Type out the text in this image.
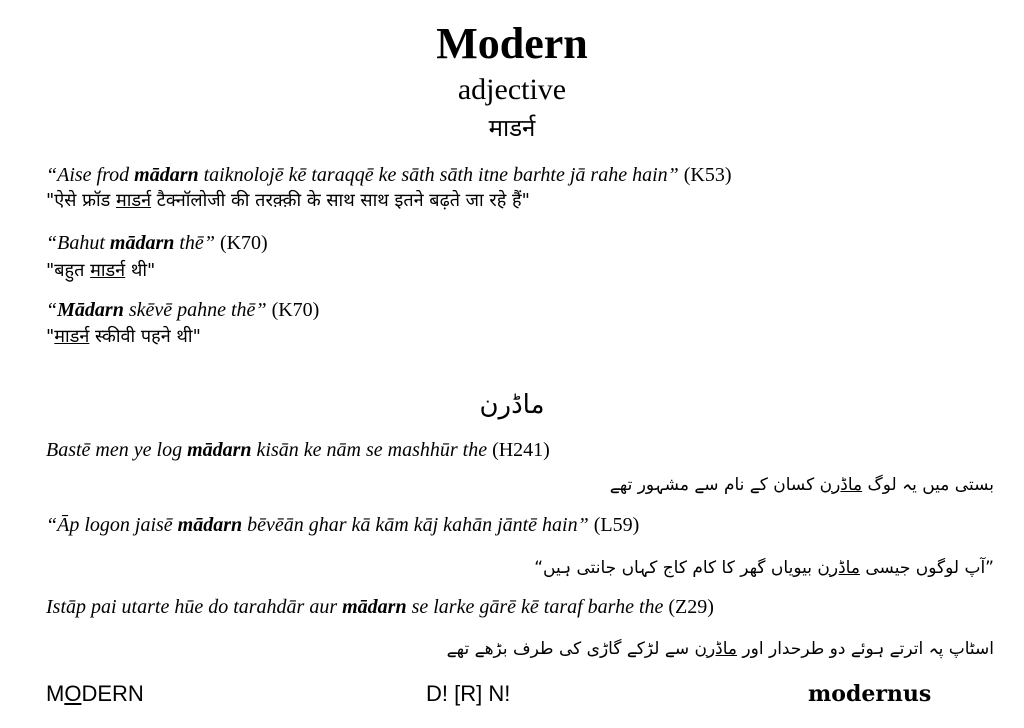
Modern
adjective
माडर्न
“Aise frod mādarn taiknolojē kē taraqqē ke sāth sāth itne barhte jā rahe hain” (K53)
"ऐसे फ्रॉड माडर्न टैक्नॉलोजी की तरक़्क़ी के साथ साथ इतने बढ़ते जा रहे हैं"
“Bahut mādarn thē” (K70)
"बहुत माडर्न थी"
“Mādarn skēvē pahne thē” (K70)
"माडर्न स्कीवी पहने थी"
ماڈرن
Bastē men ye log mādarn kisān ke nām se mashhūr the (H241)
بستی میں یہ لوگ ماڈرن کسان کے نام سے مشہور تھے
“Āp logon jaisē mādarn bēvēān ghar kā kām kāj kahān jāntē hain” (L59)
”آپ لوگوں جیسی ماڈرن بیویاں گھر کا کام کاج کہاں جانتی ہیں“
Istāp pai utarte hūe do tarahdār aur mādarn se larke gārē kē taraf barhe the (Z29)
اسٹاپ پہ اترتے ہوئے دو طرحدار اور ماڈرن سے لڑکے گاڑی کی طرف بڑھے تھے
MODERN	D! [R] N!	modernus
